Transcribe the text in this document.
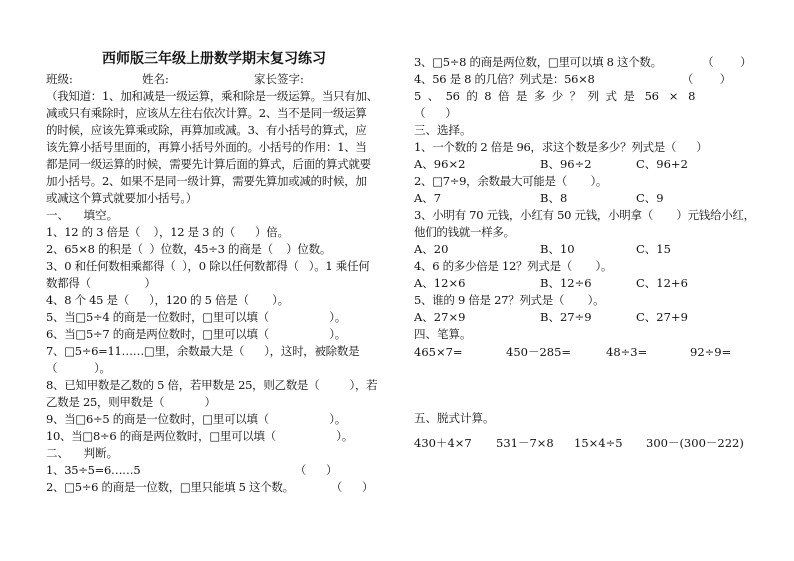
西师版三年级上册数学期末复习练习
班级:	姓名:	家长签字:
（我知道：1、加和减是一级运算，乘和除是一级运算。当只有加、
减或只有乘除时，应该从左往右依次计算。2、当不是同一级运算
的时候，应该先算乘或除，再算加或减。3、有小括号的算式，应
该先算小括号里面的，再算小括号外面的。小括号的作用：1、当
都是同一级运算的时候，需要先计算后面的算式，后面的算式就要
加小括号。2、如果不是同一级计算，需要先算加或减的时候，加
或减这个算式就要加小括号。）
一、    填空。
1、12 的 3 倍是（    ），12 是 3 的（      ）倍。
2、65×8 的积是（  ）位数，45÷3 的商是（    ）位数。
3、0 和任何数相乘都得（  ），0 除以任何数都得（   ）。1 乘任何
数都得（                ）
4、8 个 45 是（      ），120 的 5 倍是（       ）。
5、当□5÷4 的商是一位数时，□里可以填（                  ）。
6、当□5÷7 的商是两位数时，□里可以填（                  ）。
7、□5÷6=11……□里，余数最大是（      ），这时，被除数是
（           ）。
8、已知甲数是乙数的 5 倍，若甲数是 25，则乙数是（         ），若
乙数是 25，则甲数是（            ）
9、当□6÷5 的商是一位数时，□里可以填（                  ）。
10、当□8÷6 的商是两位数时，□里可以填（                  ）。
二、    判断。
1、35÷5=6……5                                              （      ）
2、□5÷6 的商是一位数，□里只能填 5 这个数。           （      ）
3、□5÷8 的商是两位数，□里可以填 8 这个数。            （        ）
4、56 是 8 的几倍？列式是：56×8                          （        ）
5  、  56  的  8  倍  是  多  少  ？  列  式  是   56   ×   8
（      ）
三、选择。
1、一个数的 2 倍是 96，求这个数是多少？列式是（      ）
A、96×2	B、96÷2	C、96+2
2、□7÷9，余数最大可能是（       ）。
A、7	B、8	C、9
3、小明有 70 元钱，小红有 50 元钱，小明拿（       ）元钱给小红，
他们的钱就一样多。
A、20	B、10	C、15
4、6 的多少倍是 12？列式是（       ）。
A、12×6	B、12÷6	C、12+6
5、谁的 9 倍是 27？列式是（       ）。
A、27×9	B、27÷9	C、27+9
四、笔算。
465×7=	450－285=	48÷3=	92÷9=
五、脱式计算。
430＋4×7 531－7×8 15×4÷5 300－(300－222)
